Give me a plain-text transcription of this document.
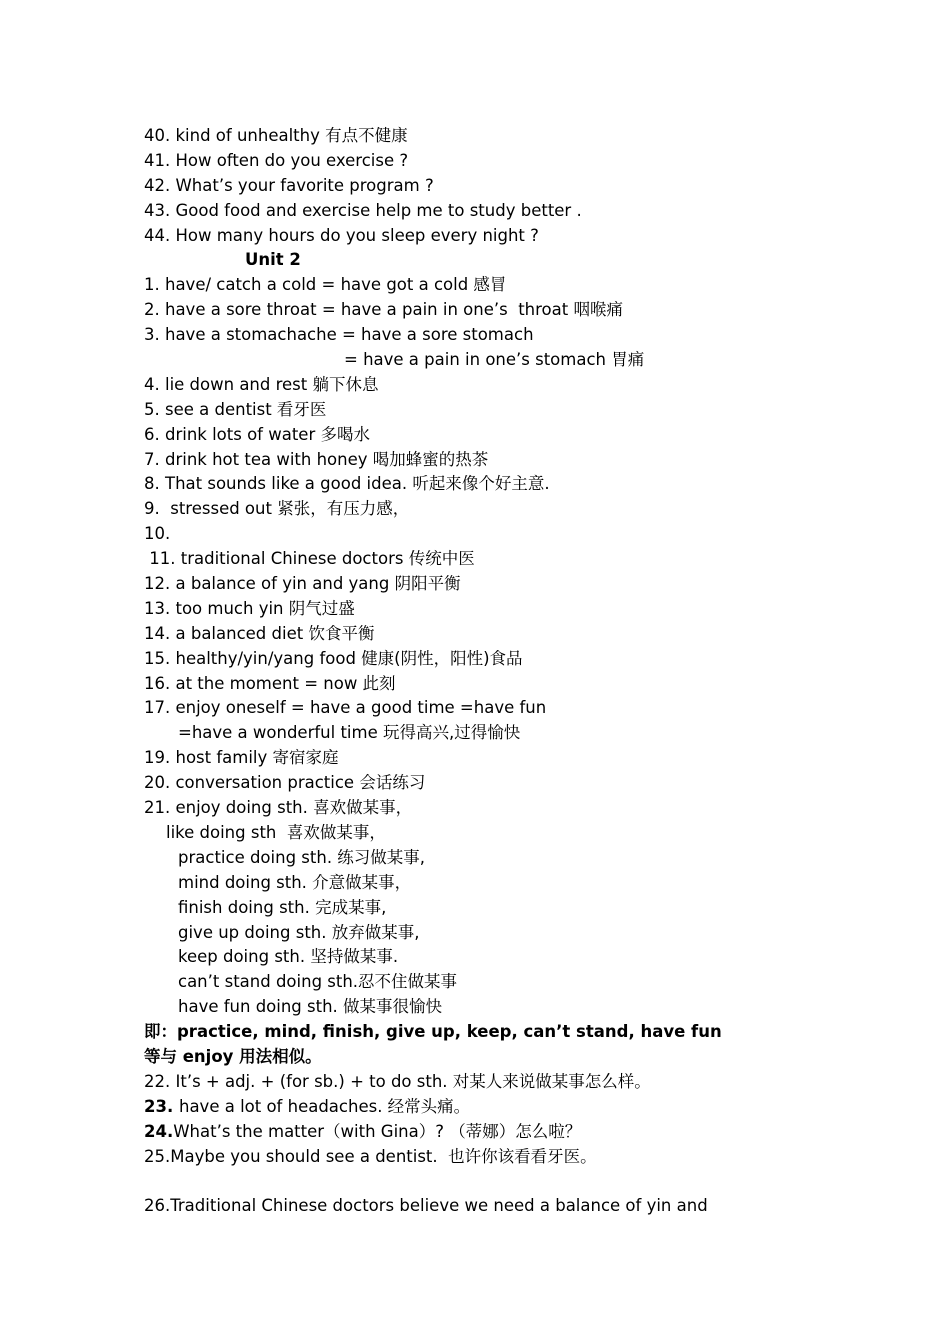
40. kind of unhealthy 有点不健康
41. How often do you exercise ?
42. What’s your favorite program ?
43. Good food and exercise help me to study better .
44. How many hours do you sleep every night ?
Unit 2
1. have/ catch a cold = have got a cold 感冒
2. have a sore throat = have a pain in one’s  throat 咽喉痛
3. have a stomachache = have a sore stomach
= have a pain in one’s stomach 胃痛
4. lie down and rest 躺下休息
5. see a dentist 看牙医
6. drink lots of water 多喝水
7. drink hot tea with honey 喝加蜂蜜的热茶
8. That sounds like a good idea. 听起来像个好主意.
9.  stressed out 紧张，有压力感，
10.
11. traditional Chinese doctors 传统中医
12. a balance of yin and yang 阴阳平衡
13. too much yin 阴气过盛
14. a balanced diet 饮食平衡
15. healthy/yin/yang food 健康(阴性，阳性)食品
16. at the moment = now 此刻
17. enjoy oneself = have a good time =have fun
=have a wonderful time 玩得高兴,过得愉快
19. host family 寄宿家庭
20. conversation practice 会话练习
21. enjoy doing sth. 喜欢做某事，
like doing sth  喜欢做某事，
practice doing sth. 练习做某事,
mind doing sth. 介意做某事，
finish doing sth. 完成某事,
give up doing sth. 放弃做某事,
keep doing sth. 坚持做某事.
can’t stand doing sth.忍不住做某事
have fun doing sth. 做某事很愉快
即：practice, mind, finish, give up, keep, can’t stand, have fun
等与 enjoy 用法相似。
22. It’s + adj. + (for sb.) + to do sth. 对某人来说做某事怎么样。
23. have a lot of headaches. 经常头痛。
24.What’s the matter（with Gina）? （蒂娜）怎么啦？
25.Maybe you should see a dentist.  也许你该看看牙医。
26.Traditional Chinese doctors believe we need a balance of yin and
